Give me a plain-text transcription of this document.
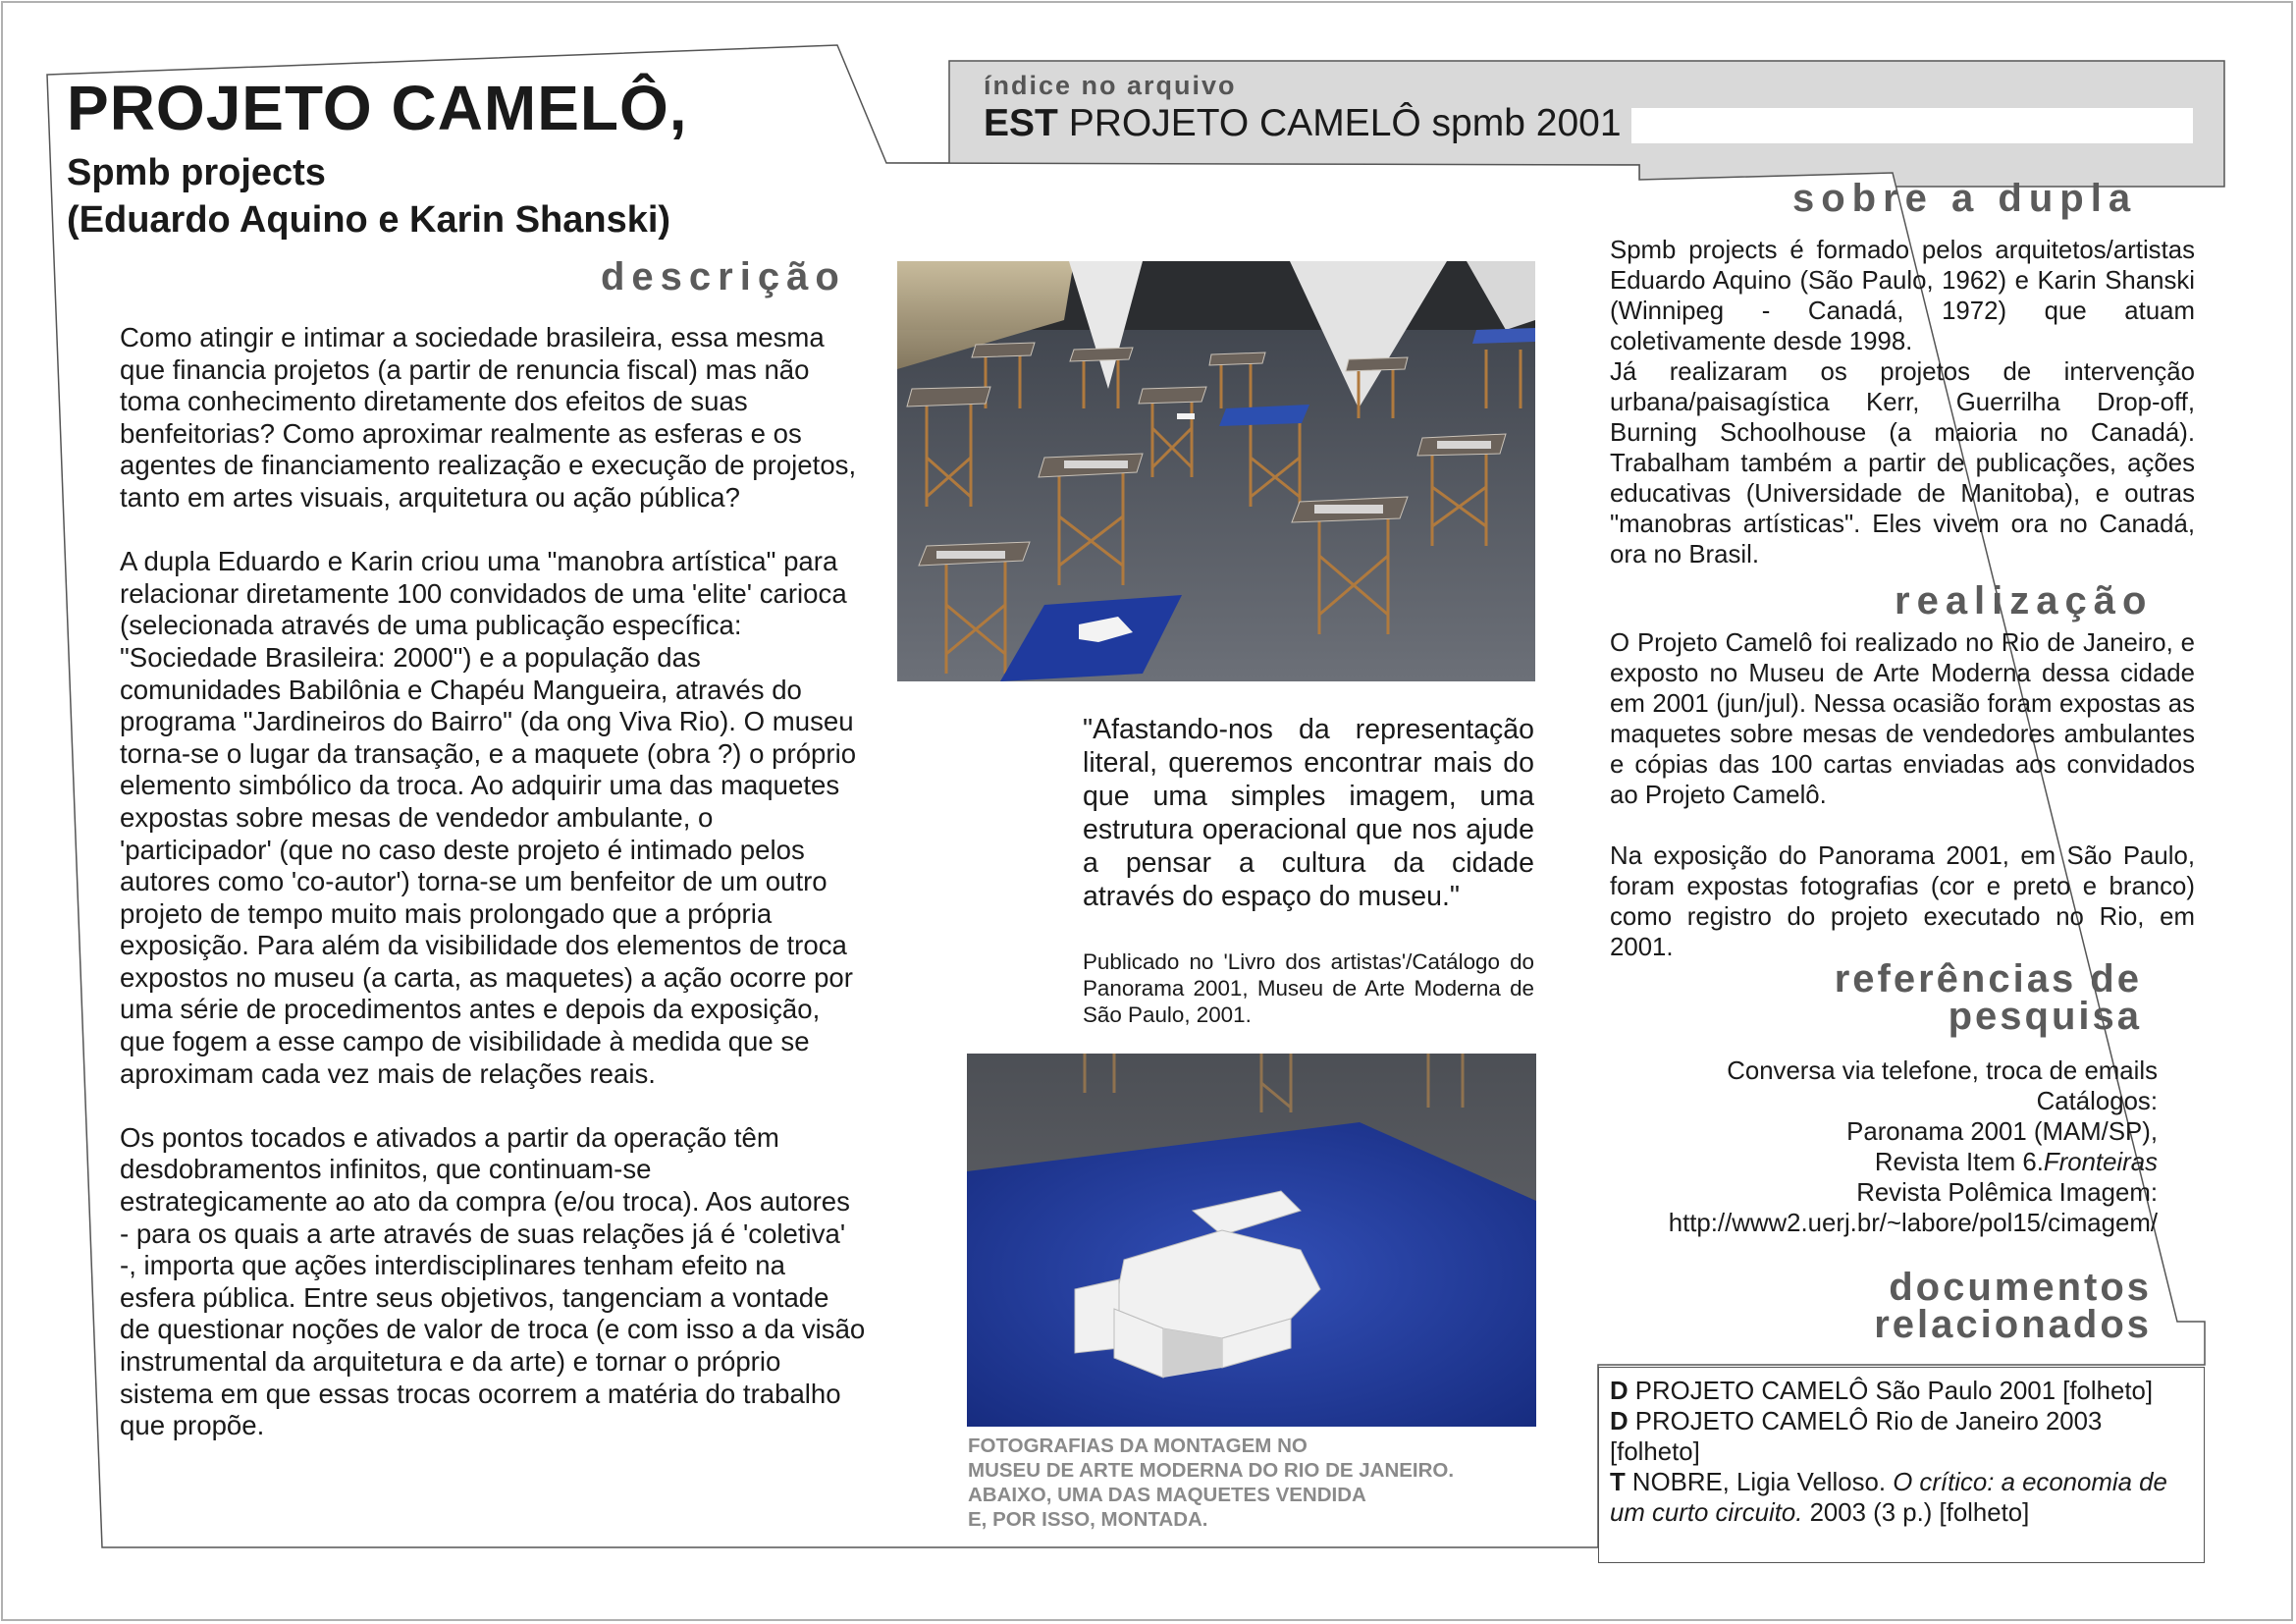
índice no arquivo
EST PROJETO CAMELÔ spmb 2001
PROJETO CAMELÔ,
Spmb projects
(Eduardo Aquino e Karin Shanski)
descrição

Como atingir e intimar a sociedade brasileira, essa mesma que financia projetos (a partir de renuncia fiscal) mas não toma conhecimento diretamente dos efeitos de suas benfeitorias? Como aproximar realmente as esferas e os agentes de financiamento realização e execução de projetos, tanto em artes visuais, arquitetura ou ação pública?

A dupla Eduardo e Karin criou uma "manobra artística" para relacionar diretamente 100 convidados de uma 'elite' carioca (selecionada através de uma publicação específica: "Sociedade Brasileira: 2000") e a população das comunidades Babilônia e Chapéu Mangueira, através do programa "Jardineiros do Bairro" (da ong Viva Rio). O museu torna-se o lugar da transação, e a maquete (obra ?) o próprio elemento simbólico da troca. Ao adquirir uma das maquetes expostas sobre mesas de vendedor ambulante, o 'participador' (que no caso deste projeto é intimado pelos autores como 'co-autor') torna-se um benfeitor de um outro projeto de tempo muito mais prolongado que a própria exposição. Para além da visibilidade dos elementos de troca expostos no museu (a carta, as maquetes) a ação ocorre por uma série de procedimentos antes e depois da exposição, que fogem a esse campo de visibilidade à medida que se aproximam cada vez mais de relações reais.

Os pontos tocados e ativados a partir da operação têm desdobramentos infinitos, que continuam-se estrategicamente ao ato da compra (e/ou troca). Aos autores - para os quais a arte através de suas relações já é 'coletiva' -, importa que ações interdisciplinares tenham efeito na esfera pública. Entre seus objetivos, tangenciam a vontade de questionar noções de valor de troca (e com isso a da visão instrumental da arquitetura e da arte) e tornar o próprio sistema em que essas trocas ocorrem a matéria do trabalho que propõe.

"Afastando-nos da representação literal, queremos encontrar mais do que uma simples imagem, uma estrutura operacional que nos ajude a pensar a cultura da cidade através do espaço do museu."
Publicado no 'Livro dos artistas'/Catálogo do Panorama 2001, Museu de Arte Moderna de São Paulo, 2001.
FOTOGRAFIAS DA MONTAGEM NO
MUSEU DE ARTE MODERNA DO RIO DE JANEIRO.
ABAIXO, UMA DAS MAQUETES VENDIDA
E, POR ISSO, MONTADA.
sobre a dupla

Spmb projects é formado pelos arquitetos/artistas Eduardo Aquino (São Paulo, 1962) e Karin Shanski (Winnipeg - Canadá, 1972) que atuam coletivamente desde 1998.

Já realizaram os projetos de intervenção urbana/paisagística Kerr, Guerrilha Drop-off, Burning Schoolhouse (a maioria no Canadá). Trabalham também a partir de publicações, ações educativas (Universidade de Manitoba), e outras "manobras artísticas". Eles vivem ora no Canadá, ora no Brasil.

realização

O Projeto Camelô foi realizado no Rio de Janeiro, e exposto no Museu de Arte Moderna dessa cidade em 2001 (jun/jul). Nessa ocasião foram expostas as maquetes sobre mesas de vendedores ambulantes e cópias das 100 cartas enviadas aos convidados ao Projeto Camelô.

Na exposição do Panorama 2001, em São Paulo, foram expostas fotografias (cor e preto e branco) como registro do projeto executado no Rio, em 2001.

referências de pesquisa
Conversa via telefone, troca de emails
Catálogos:
Paronama 2001 (MAM/SP),
Revista Item 6.Fronteiras
Revista Polêmica Imagem:
http://www2.uerj.br/~labore/pol15/cimagem/
documentos relacionados
D PROJETO CAMELÔ São Paulo 2001 [folheto]
D PROJETO CAMELÔ Rio de Janeiro 2003 [folheto]
T NOBRE, Ligia Velloso. O crítico: a economia de um curto circuito. 2003 (3 p.) [folheto]
